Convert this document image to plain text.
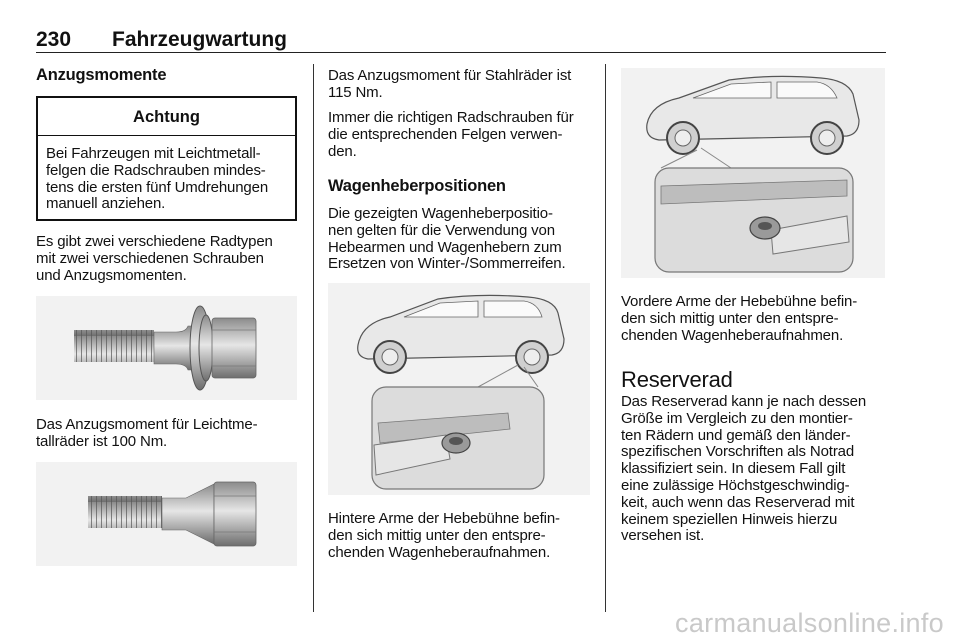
230 Fahrzeugwartung
Anzugsmomente
Achtung
Bei Fahrzeugen mit Leichtmetall-
felgen die Radschrauben mindes-
tens die ersten fünf Umdrehungen
manuell anziehen.

Es gibt zwei verschiedene Radtypen
mit zwei verschiedenen Schrauben
und Anzugsmomenten.

Das Anzugsmoment für Leichtme-
tallräder ist 100 Nm.

Das Anzugsmoment für Stahlräder ist
115 Nm.

Immer die richtigen Radschrauben für
die entsprechenden Felgen verwen-
den.

Wagenheberpositionen

Die gezeigten Wagenheberpositio-
nen gelten für die Verwendung von
Hebearmen und Wagenhebern zum
Ersetzen von Winter-/Sommerreifen.

Hintere Arme der Hebebühne befin-
den sich mittig unter den entspre-
chenden Wagenheberaufnahmen.

Vordere Arme der Hebebühne befin-
den sich mittig unter den entspre-
chenden Wagenheberaufnahmen.

Reserverad

Das Reserverad kann je nach dessen
Größe im Vergleich zu den montier-
ten Rädern und gemäß den länder-
spezifischen Vorschriften als Notrad
klassifiziert sein. In diesem Fall gilt
eine zulässige Höchstgeschwindig-
keit, auch wenn das Reserverad mit
keinem speziellen Hinweis hierzu
versehen ist.

carmanualsonline.info
